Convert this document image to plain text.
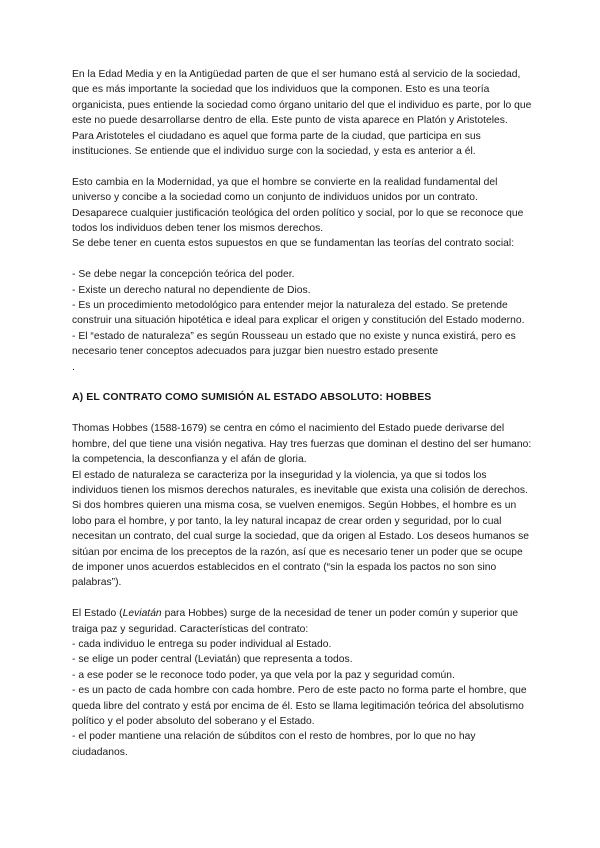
En la Edad Media y en la Antigüedad parten de que el ser humano está al servicio de la sociedad, que es más importante la sociedad que los individuos que la componen. Esto es una teoría organicista, pues entiende la sociedad como órgano unitario del que el individuo es parte, por lo que este no puede desarrollarse dentro de ella. Este punto de vista aparece en Platón y Aristoteles. Para Aristoteles el ciudadano es aquel que forma parte de la ciudad, que participa en sus instituciones. Se entiende que el individuo surge con la sociedad, y esta es anterior a él.

Esto cambia en la Modernidad, ya que el hombre se convierte en la realidad fundamental del universo y concibe a la sociedad como un conjunto de individuos unidos por un contrato. Desaparece cualquier justificación teológica del orden político y social, por lo que se reconoce que todos los individuos deben tener los mismos derechos.

Se debe tener en cuenta estos supuestos en que se fundamentan las teorías del contrato social:

- Se debe negar la concepción teórica del poder.

- Existe un derecho natural no dependiente de Dios.

- Es un procedimiento metodológico para entender mejor la naturaleza del estado. Se pretende construir una situación hipotética e ideal para explicar el origen y constitución del Estado moderno.

- El “estado de naturaleza” es según Rousseau un estado que no existe y nunca existirá, pero es necesario tener conceptos adecuados para juzgar bien nuestro estado presente

.

A) EL CONTRATO COMO SUMISIÓN AL ESTADO ABSOLUTO: HOBBES

Thomas Hobbes (1588-1679) se centra en cómo el nacimiento del Estado puede derivarse del hombre, del que tiene una visión negativa. Hay tres fuerzas que dominan el destino del ser humano: la competencia, la desconfianza y el afán de gloria.

El estado de naturaleza se caracteriza por la inseguridad y la violencia, ya que si todos los individuos tienen los mismos derechos naturales, es inevitable que exista una colisión de derechos. Si dos hombres quieren una misma cosa, se vuelven enemigos. Según Hobbes, el hombre es un lobo para el hombre, y por tanto, la ley natural incapaz de crear orden y seguridad, por lo cual necesitan un contrato, del cual surge la sociedad, que da origen al Estado. Los deseos humanos se sitúan por encima de los preceptos de la razón, así que es necesario tener un poder que se ocupe de imponer unos acuerdos establecidos en el contrato (“sin la espada los pactos no son sino palabras”).

El Estado (Leviatán para Hobbes) surge de la necesidad de tener un poder común y superior que traiga paz y seguridad. Características del contrato:

- cada individuo le entrega su poder individual al Estado.

- se elige un poder central (Leviatán) que representa a todos.

- a ese poder se le reconoce todo poder, ya que vela por la paz y seguridad común.

- es un pacto de cada hombre con cada hombre. Pero de este pacto no forma parte el hombre, que queda libre del contrato y está por encima de él. Esto se llama legitimación teórica del absolutismo político y el poder absoluto del soberano y el Estado.

- el poder mantiene una relación de súbditos con el resto de hombres, por lo que no hay ciudadanos.
